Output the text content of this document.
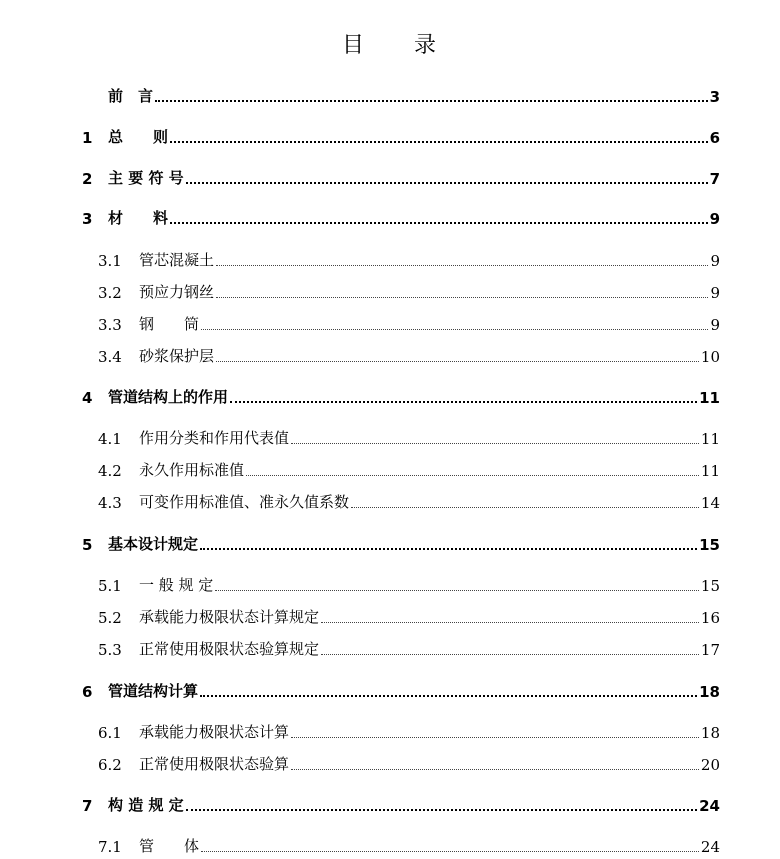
目　　录
前　言	3
1	总　　则	6
2	主 要 符 号	7
3	材　　料	9
3.1	管芯混凝土	9
3.2	预应力钢丝	9
3.3	钢　　筒	9
3.4	砂浆保护层	10
4	管道结构上的作用	11
4.1	作用分类和作用代表值	11
4.2	永久作用标准值	11
4.3	可变作用标准值、准永久值系数	14
5	基本设计规定	15
5.1	一 般 规 定	15
5.2	承载能力极限状态计算规定	16
5.3	正常使用极限状态验算规定	17
6	管道结构计算	18
6.1	承载能力极限状态计算	18
6.2	正常使用极限状态验算	20
7	构 造 规 定	24
7.1	管　　体	24
